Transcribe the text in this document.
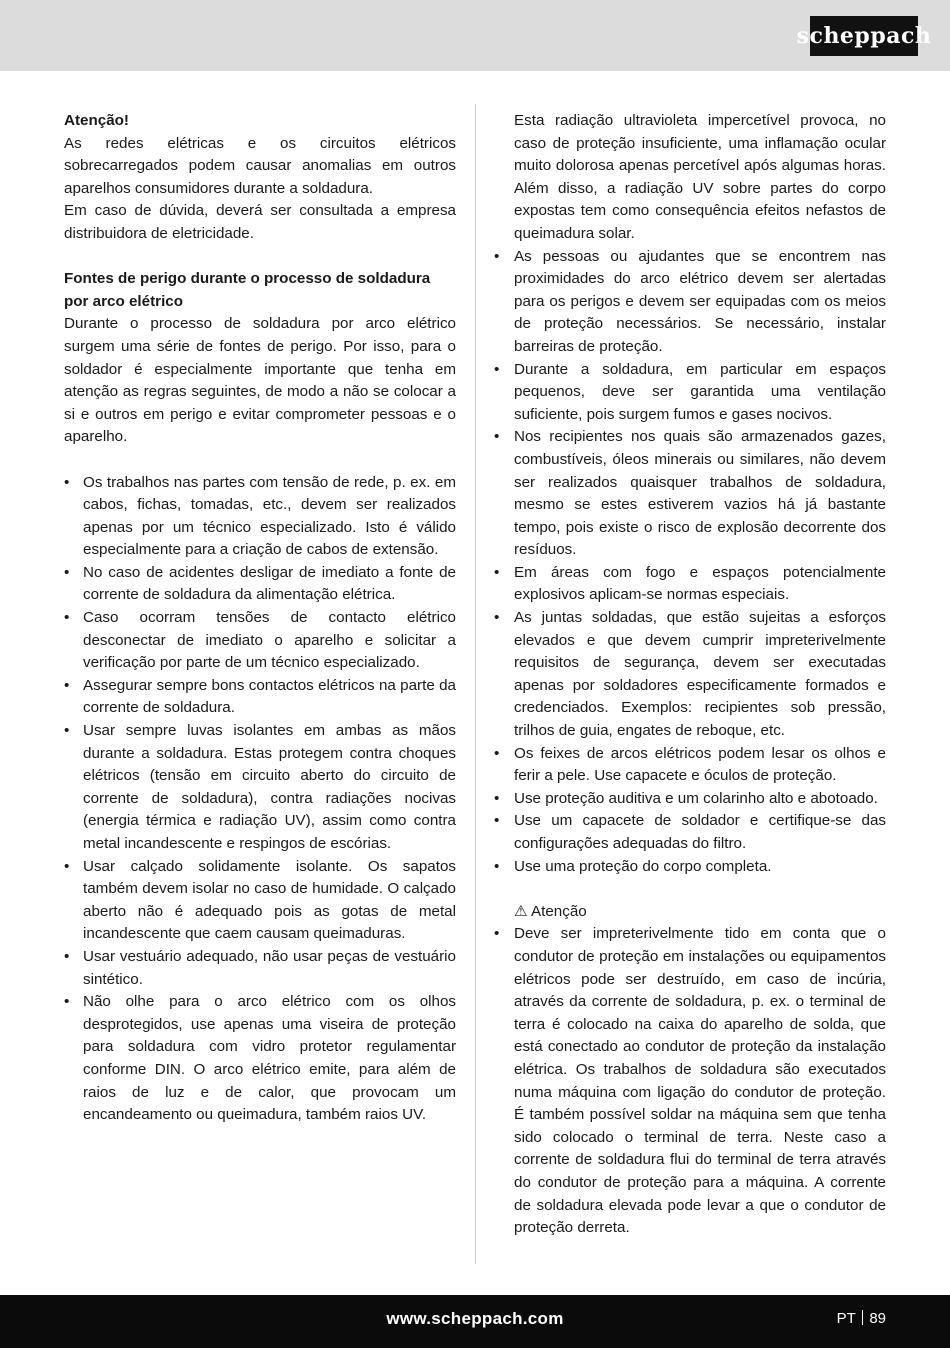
scheppach

Atenção!

As redes elétricas e os circuitos elétricos sobrecarregados podem causar anomalias em outros aparelhos consumidores durante a soldadura.

Em caso de dúvida, deverá ser consultada a empresa distribuidora de eletricidade.

Fontes de perigo durante o processo de soldadura por arco elétrico

Durante o processo de soldadura por arco elétrico surgem uma série de fontes de perigo. Por isso, para o soldador é especialmente importante que tenha em atenção as regras seguintes, de modo a não se colocar a si e outros em perigo e evitar comprometer pessoas e o aparelho.

• Os trabalhos nas partes com tensão de rede, p. ex. em cabos, fichas, tomadas, etc., devem ser realizados apenas por um técnico especializado. Isto é válido especialmente para a criação de cabos de extensão.
• No caso de acidentes desligar de imediato a fonte de corrente de soldadura da alimentação elétrica.
• Caso ocorram tensões de contacto elétrico desconectar de imediato o aparelho e solicitar a verificação por parte de um técnico especializado.
• Assegurar sempre bons contactos elétricos na parte da corrente de soldadura.
• Usar sempre luvas isolantes em ambas as mãos durante a soldadura. Estas protegem contra choques elétricos (tensão em circuito aberto do circuito de corrente de soldadura), contra radiações nocivas (energia térmica e radiação UV), assim como contra metal incandescente e respingos de escórias.
• Usar calçado solidamente isolante. Os sapatos também devem isolar no caso de humidade. O calçado aberto não é adequado pois as gotas de metal incandescente que caem causam queimaduras.
• Usar vestuário adequado, não usar peças de vestuário sintético.
• Não olhe para o arco elétrico com os olhos desprotegidos, use apenas uma viseira de proteção para soldadura com vidro protetor regulamentar conforme DIN. O arco elétrico emite, para além de raios de luz e de calor, que provocam um encandeamento ou queimadura, também raios UV.

Esta radiação ultravioleta impercetível provoca, no caso de proteção insuficiente, uma inflamação ocular muito dolorosa apenas percetível após algumas horas. Além disso, a radiação UV sobre partes do corpo expostas tem como consequência efeitos nefastos de queimadura solar.

• As pessoas ou ajudantes que se encontrem nas proximidades do arco elétrico devem ser alertadas para os perigos e devem ser equipadas com os meios de proteção necessários. Se necessário, instalar barreiras de proteção.
• Durante a soldadura, em particular em espaços pequenos, deve ser garantida uma ventilação suficiente, pois surgem fumos e gases nocivos.
• Nos recipientes nos quais são armazenados gazes, combustíveis, óleos minerais ou similares, não devem ser realizados quaisquer trabalhos de soldadura, mesmo se estes estiverem vazios há já bastante tempo, pois existe o risco de explosão decorrente dos resíduos.
• Em áreas com fogo e espaços potencialmente explosivos aplicam-se normas especiais.
• As juntas soldadas, que estão sujeitas a esforços elevados e que devem cumprir impreterivelmente requisitos de segurança, devem ser executadas apenas por soldadores especificamente formados e credenciados. Exemplos: recipientes sob pressão, trilhos de guia, engates de reboque, etc.
• Os feixes de arcos elétricos podem lesar os olhos e ferir a pele. Use capacete e óculos de proteção.
• Use proteção auditiva e um colarinho alto e abotoado.
• Use um capacete de soldador e certifique-se das configurações adequadas do filtro.
• Use uma proteção do corpo completa.

⚠ Atenção

• Deve ser impreterivelmente tido em conta que o condutor de proteção em instalações ou equipamentos elétricos pode ser destruído, em caso de incúria, através da corrente de soldadura, p. ex. o terminal de terra é colocado na caixa do aparelho de solda, que está conectado ao condutor de proteção da instalação elétrica. Os trabalhos de soldadura são executados numa máquina com ligação do condutor de proteção. É também possível soldar na máquina sem que tenha sido colocado o terminal de terra. Neste caso a corrente de soldadura flui do terminal de terra através do condutor de proteção para a máquina. A corrente de soldadura elevada pode levar a que o condutor de proteção derreta.
www.scheppach.com	PT 89
